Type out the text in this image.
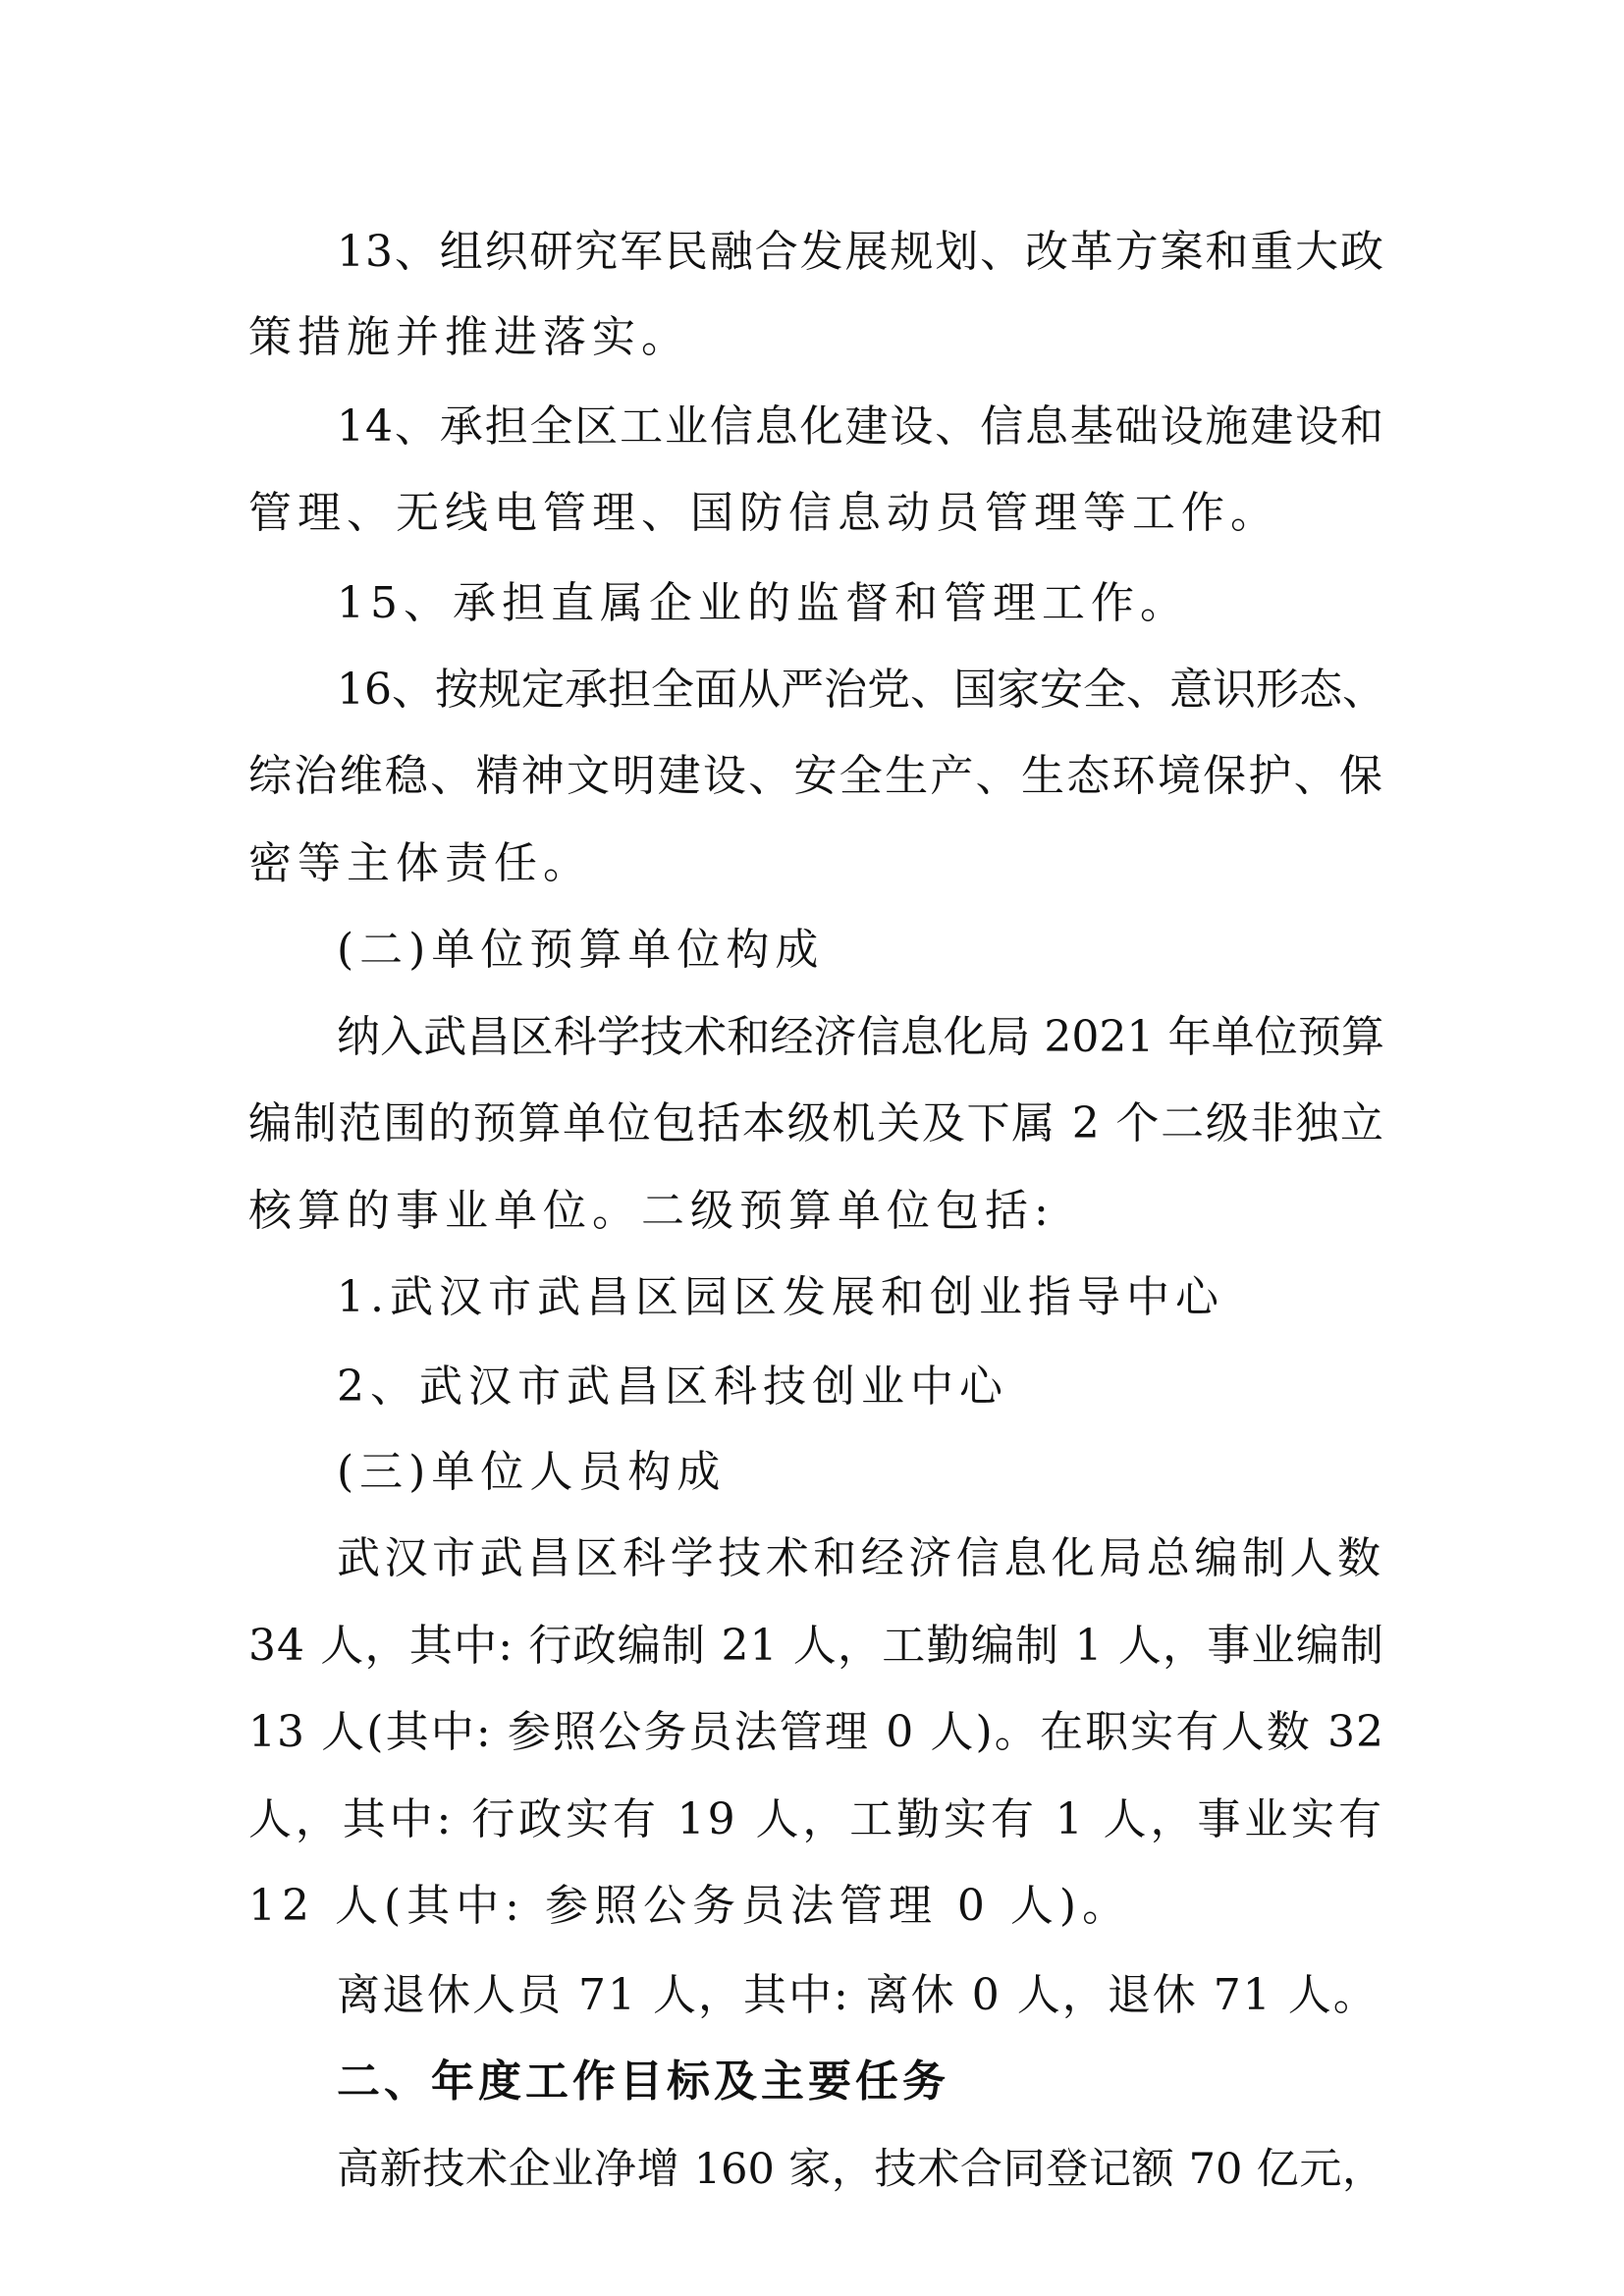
13、组织研究军民融合发展规划、改革方案和重大政

策措施并推进落实。

14、承担全区工业信息化建设、信息基础设施建设和

管理、无线电管理、国防信息动员管理等工作。

15、承担直属企业的监督和管理工作。

16、按规定承担全面从严治党、国家安全、意识形态、

综治维稳、精神文明建设、安全生产、生态环境保护、保

密等主体责任。

(二)单位预算单位构成

纳入武昌区科学技术和经济信息化局 2021 年单位预算

编制范围的预算单位包括本级机关及下属 2 个二级非独立

核算的事业单位。二级预算单位包括:

1.武汉市武昌区园区发展和创业指导中心

2、武汉市武昌区科技创业中心

(三)单位人员构成

武汉市武昌区科学技术和经济信息化局总编制人数

34 人，其中: 行政编制 21 人，工勤编制 1 人，事业编制

13 人(其中: 参照公务员法管理 0 人)。在职实有人数 32

人，其中: 行政实有 19 人，工勤实有 1 人，事业实有

12 人(其中: 参照公务员法管理 0 人)。

离退休人员 71 人，其中: 离休 0 人，退休 71 人。

二、年度工作目标及主要任务

高新技术企业净增 160 家，技术合同登记额 70 亿元，
